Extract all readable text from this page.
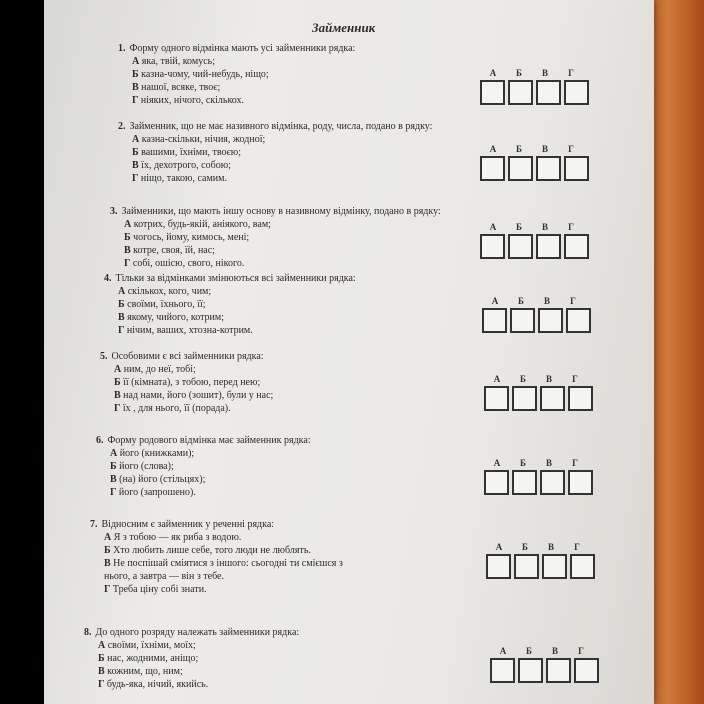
Займенник
1. Форму одного відмінка мають усі займенники рядка:
А яка, твій, комусь;
Б казна-чому, чий-небудь, ніщо;
В нашої, всяке, твоє;
Г ніяких, нічого, скількох.
А	Б	В	Г
2. Займенник, що не має називного відмінка, роду, числа, подано в рядку:
А казна-скільки, нічия, жодної;
Б вашими, їхніми, твоєю;
В їх, дехотрого, собою;
Г ніщо, такою, самим.
А	Б	В	Г
3. Займенники, що мають іншу основу в називному відмінку, подано в рядку:
А котрих, будь-якій, аніякого, вам;
Б чогось, йому, кимось, мені;
В котре, своя, їй, нас;
Г собі, ошісю, свого, нікого.
А	Б	В	Г
4. Тільки за відмінками змінюються всі займенники рядка:
А скількох, кого, чим;
Б своїми, їхнього, її;
В якому, чийого, котрим;
Г нічим, ваших, хтозна-котрим.
А	Б	В	Г
5. Особовими є всі займенники рядка:
А ним, до неї, тобі;
Б її (кімната), з тобою, перед нею;
В над нами, його (зошит), були у нас;
Г їх , для нього, її (порада).
А	Б	В	Г
6. Форму родового відмінка має займенник рядка:
А його (книжками);
Б його (слова);
В (на) його (стільцях);
Г його (запрошено).
А	Б	В	Г
7. Відносним є займенник у реченні рядка:
А Я з тобою — як риба з водою.
Б Хто любить лише себе, того люди не люблять.
В Не поспішай сміятися з іншого: сьогодні ти смієшся з
нього, а завтра — він з тебе.
Г Треба ціну собі знати.
А	Б	В	Г
8. До одного розряду належать займенники рядка:
А своїми, їхніми, моїх;
Б нас, жодними, аніщо;
В кожним, що, ним;
Г будь-яка, нічий, якийсь.
А	Б	В	Г
